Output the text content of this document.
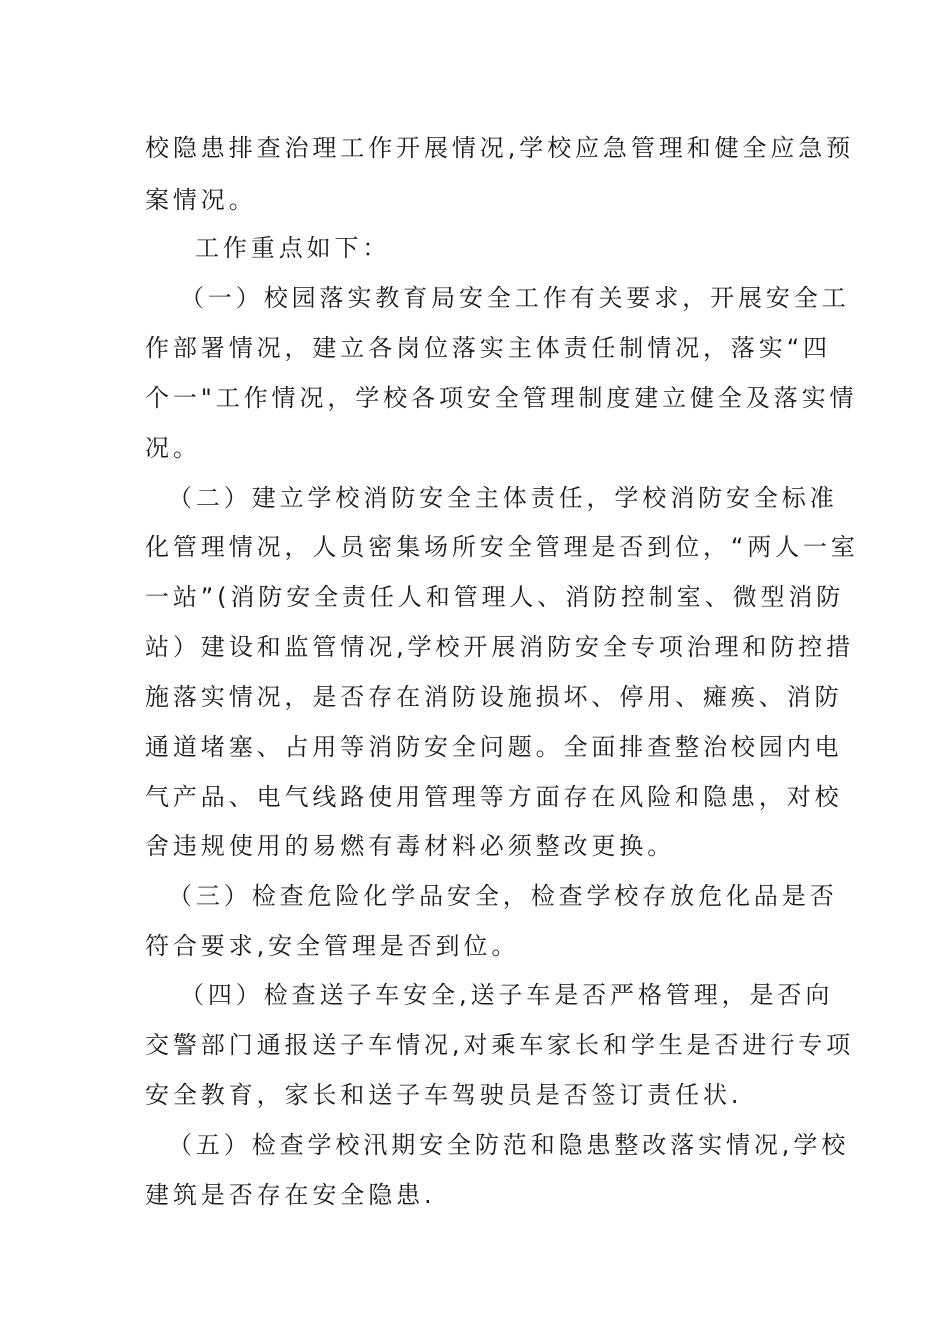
校隐患排查治理工作开展情况,学校应急管理和健全应急预
案情况。
工作重点如下：
（一）校园落实教育局安全工作有关要求，开展安全工
作部署情况，建立各岗位落实主体责任制情况，落实“四
个一"工作情况，学校各项安全管理制度建立健全及落实情
况。
（二）建立学校消防安全主体责任，学校消防安全标准
化管理情况，人员密集场所安全管理是否到位，“两人一室
一站”(消防安全责任人和管理人、消防控制室、微型消防
站）建设和监管情况,学校开展消防安全专项治理和防控措
施落实情况，是否存在消防设施损坏、停用、瘫痪、消防
通道堵塞、占用等消防安全问题。全面排查整治校园内电
气产品、电气线路使用管理等方面存在风险和隐患，对校
舍违规使用的易燃有毒材料必须整改更换。
（三）检查危险化学品安全，检查学校存放危化品是否
符合要求,安全管理是否到位。
（四）检查送子车安全,送子车是否严格管理，是否向
交警部门通报送子车情况,对乘车家长和学生是否进行专项
安全教育，家长和送子车驾驶员是否签订责任状.
（五）检查学校汛期安全防范和隐患整改落实情况,学校
建筑是否存在安全隐患.
